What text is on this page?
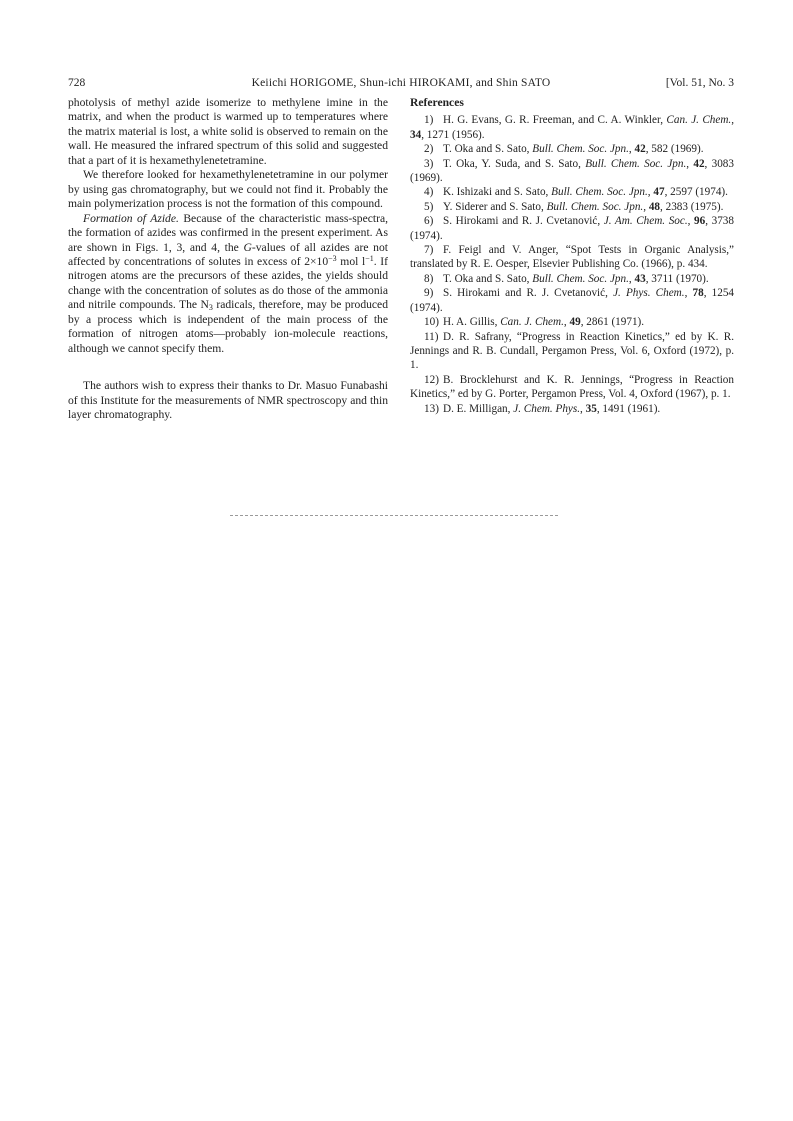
728	Keiichi HORIGOME, Shun-ichi HIROKAMI, and Shin SATO	[Vol. 51, No. 3

photolysis of methyl azide isomerize to methylene imine in the matrix, and when the product is warmed up to temperatures where the matrix material is lost, a white solid is observed to remain on the wall. He measured the infrared spectrum of this solid and suggested that a part of it is hexamethylenetetramine.

We therefore looked for hexamethylenetetramine in our polymer by using gas chromatography, but we could not find it. Probably the main polymerization process is not the formation of this compound.

Formation of Azide. Because of the characteristic mass-spectra, the formation of azides was confirmed in the present experiment. As are shown in Figs. 1, 3, and 4, the G-values of all azides are not affected by concentrations of solutes in excess of $2\times 10^{-3}$ mol $l^{-1}$. If nitrogen atoms are the precursors of these azides, the yields should change with the concentration of solutes as do those of the ammonia and nitrile compounds. The $N_3$ radicals, therefore, may be produced by a process which is independent of the main process of the formation of nitrogen atoms—probably ion-molecule reactions, although we cannot specify them.

The authors wish to express their thanks to Dr. Masuo Funabashi of this Institute for the measurements of NMR spectroscopy and thin layer chromatography.

References

1) H. G. Evans, G. R. Freeman, and C. A. Winkler, Can. J. Chem., 34, 1271 (1956).

2) T. Oka and S. Sato, Bull. Chem. Soc. Jpn., 42, 582 (1969).

3) T. Oka, Y. Suda, and S. Sato, Bull. Chem. Soc. Jpn., 42, 3083 (1969).

4) K. Ishizaki and S. Sato, Bull. Chem. Soc. Jpn., 47, 2597 (1974).

5) Y. Siderer and S. Sato, Bull. Chem. Soc. Jpn., 48, 2383 (1975).

6) S. Hirokami and R. J. Cvetanović, J. Am. Chem. Soc., 96, 3738 (1974).

7) F. Feigl and V. Anger, “Spot Tests in Organic Analysis,” translated by R. E. Oesper, Elsevier Publishing Co. (1966), p. 434.

8) T. Oka and S. Sato, Bull. Chem. Soc. Jpn., 43, 3711 (1970).

9) S. Hirokami and R. J. Cvetanović, J. Phys. Chem., 78, 1254 (1974).

10) H. A. Gillis, Can. J. Chem., 49, 2861 (1971).

11) D. R. Safrany, “Progress in Reaction Kinetics,” ed by K. R. Jennings and R. B. Cundall, Pergamon Press, Vol. 6, Oxford (1972), p. 1.

12) B. Brocklehurst and K. R. Jennings, “Progress in Reaction Kinetics,” ed by G. Porter, Pergamon Press, Vol. 4, Oxford (1967), p. 1.

13) D. E. Milligan, J. Chem. Phys., 35, 1491 (1961).
